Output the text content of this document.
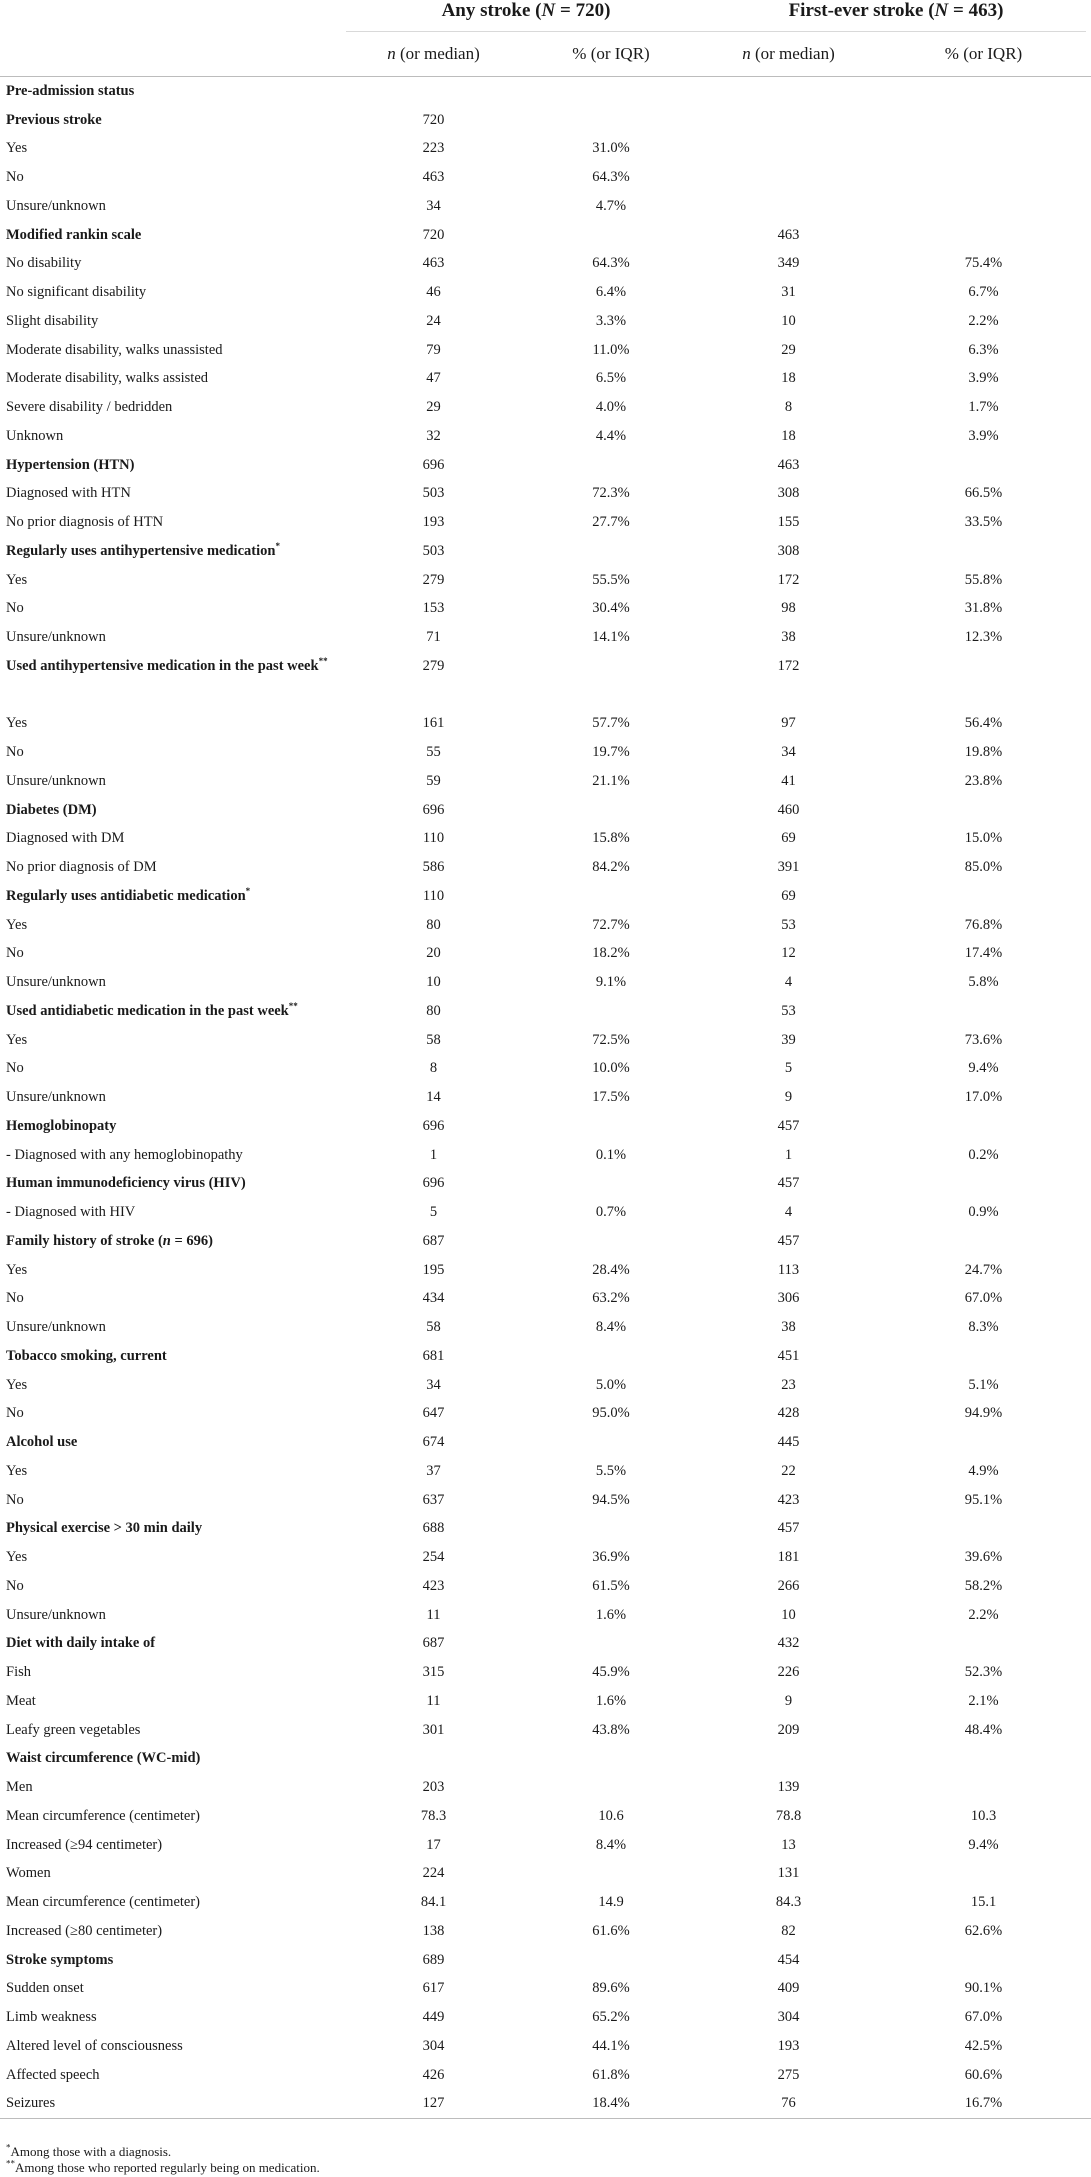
	Any stroke (N = 720)		First-ever stroke (N = 463)	
	n (or median)	% (or IQR)	n (or median)	% (or IQR)
Pre-admission status				
Previous stroke	720			
Yes	223	31.0%		
No	463	64.3%		
Unsure/unknown	34	4.7%		
Modified rankin scale	720		463	
No disability	463	64.3%	349	75.4%
No significant disability	46	6.4%	31	6.7%
Slight disability	24	3.3%	10	2.2%
Moderate disability, walks unassisted	79	11.0%	29	6.3%
Moderate disability, walks assisted	47	6.5%	18	3.9%
Severe disability / bedridden	29	4.0%	8	1.7%
Unknown	32	4.4%	18	3.9%
Hypertension (HTN)	696		463	
Diagnosed with HTN	503	72.3%	308	66.5%
No prior diagnosis of HTN	193	27.7%	155	33.5%
Regularly uses antihypertensive medication*	503		308	
Yes	279	55.5%	172	55.8%
No	153	30.4%	98	31.8%
Unsure/unknown	71	14.1%	38	12.3%
Used antihypertensive medication in the past week**	279		172	
Yes	161	57.7%	97	56.4%
No	55	19.7%	34	19.8%
Unsure/unknown	59	21.1%	41	23.8%
Diabetes (DM)	696		460	
Diagnosed with DM	110	15.8%	69	15.0%
No prior diagnosis of DM	586	84.2%	391	85.0%
Regularly uses antidiabetic medication*	110		69	
Yes	80	72.7%	53	76.8%
No	20	18.2%	12	17.4%
Unsure/unknown	10	9.1%	4	5.8%
Used antidiabetic medication in the past week**	80		53	
Yes	58	72.5%	39	73.6%
No	8	10.0%	5	9.4%
Unsure/unknown	14	17.5%	9	17.0%
Hemoglobinopaty	696		457	
- Diagnosed with any hemoglobinopathy	1	0.1%	1	0.2%
Human immunodeficiency virus (HIV)	696		457	
- Diagnosed with HIV	5	0.7%	4	0.9%
Family history of stroke (n = 696)	687		457	
Yes	195	28.4%	113	24.7%
No	434	63.2%	306	67.0%
Unsure/unknown	58	8.4%	38	8.3%
Tobacco smoking, current	681		451	
Yes	34	5.0%	23	5.1%
No	647	95.0%	428	94.9%
Alcohol use	674		445	
Yes	37	5.5%	22	4.9%
No	637	94.5%	423	95.1%
Physical exercise > 30 min daily	688		457	
Yes	254	36.9%	181	39.6%
No	423	61.5%	266	58.2%
Unsure/unknown	11	1.6%	10	2.2%
Diet with daily intake of	687		432	
Fish	315	45.9%	226	52.3%
Meat	11	1.6%	9	2.1%
Leafy green vegetables	301	43.8%	209	48.4%
Waist circumference (WC-mid)				
Men	203		139	
Mean circumference (centimeter)	78.3	10.6	78.8	10.3
Increased (≥94 centimeter)	17	8.4%	13	9.4%
Women	224		131	
Mean circumference (centimeter)	84.1	14.9	84.3	15.1
Increased (≥80 centimeter)	138	61.6%	82	62.6%
Stroke symptoms	689		454	
Sudden onset	617	89.6%	409	90.1%
Limb weakness	449	65.2%	304	67.0%
Altered level of consciousness	304	44.1%	193	42.5%
Affected speech	426	61.8%	275	60.6%
Seizures	127	18.4%	76	16.7%
*Among those with a diagnosis.
**Among those who reported regularly being on medication.
